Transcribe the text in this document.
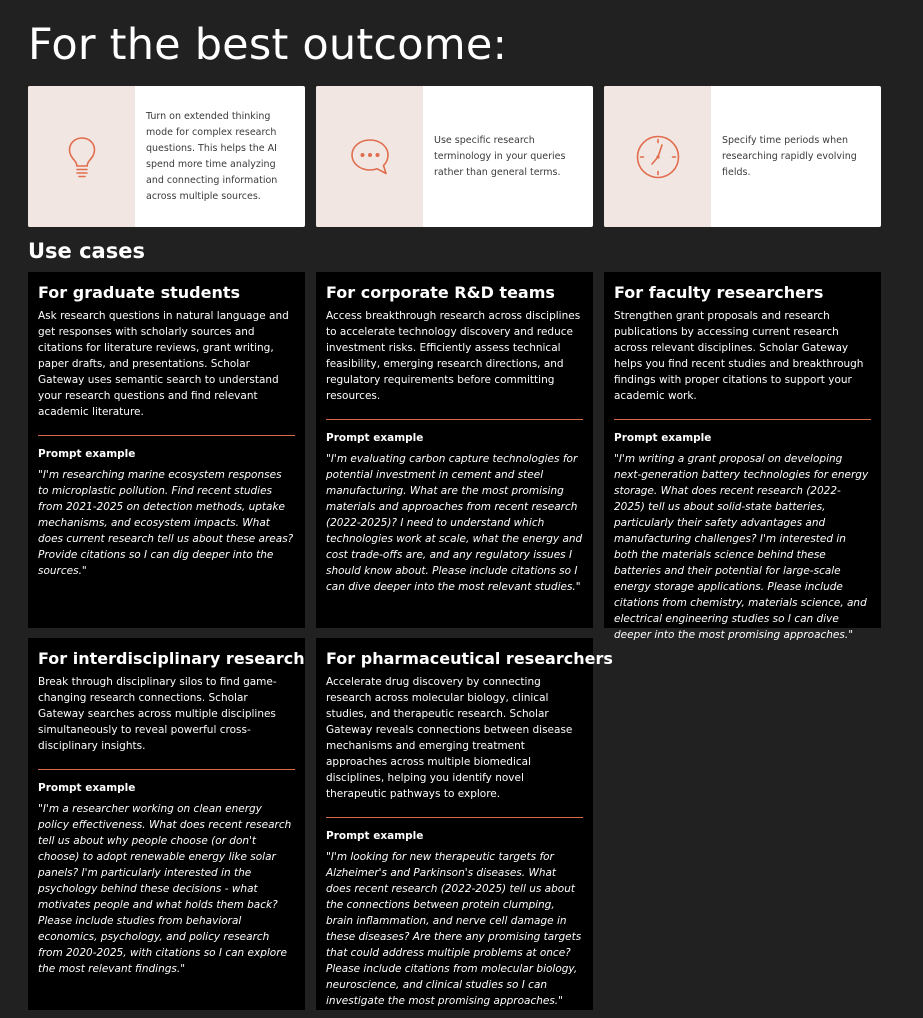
For the best outcome:
Turn on extended thinking mode for complex research questions. This helps the AI spend more time analyzing and connecting information across multiple sources.
Use specific research terminology in your queries rather than general terms.
Specify time periods when researching rapidly evolving fields.
Use cases
For graduate students
Ask research questions in natural language and get responses with scholarly sources and citations for literature reviews, grant writing, paper drafts, and presentations. Scholar Gateway uses semantic search to understand your research questions and find relevant academic literature.
Prompt example
"I'm researching marine ecosystem responses to microplastic pollution. Find recent studies from 2021-2025 on detection methods, uptake mechanisms, and ecosystem impacts. What does current research tell us about these areas? Provide citations so I can dig deeper into the sources."
For corporate R&D teams
Access breakthrough research across disciplines to accelerate technology discovery and reduce investment risks. Efficiently assess technical feasibility, emerging research directions, and regulatory requirements before committing resources.
Prompt example
"I'm evaluating carbon capture technologies for potential investment in cement and steel manufacturing. What are the most promising materials and approaches from recent research (2022-2025)? I need to understand which technologies work at scale, what the energy and cost trade-offs are, and any regulatory issues I should know about. Please include citations so I can dive deeper into the most relevant studies."
For faculty researchers
Strengthen grant proposals and research publications by accessing current research across relevant disciplines. Scholar Gateway helps you find recent studies and breakthrough findings with proper citations to support your academic work.
Prompt example
"I'm writing a grant proposal on developing next-generation battery technologies for energy storage. What does recent research (2022-2025) tell us about solid-state batteries, particularly their safety advantages and manufacturing challenges? I'm interested in both the materials science behind these batteries and their potential for large-scale energy storage applications. Please include citations from chemistry, materials science, and electrical engineering studies so I can dive deeper into the most promising approaches."
For interdisciplinary research
Break through disciplinary silos to find game-changing research connections. Scholar Gateway searches across multiple disciplines simultaneously to reveal powerful cross-disciplinary insights.
Prompt example
"I'm a researcher working on clean energy policy effectiveness. What does recent research tell us about why people choose (or don't choose) to adopt renewable energy like solar panels? I'm particularly interested in the psychology behind these decisions - what motivates people and what holds them back? Please include studies from behavioral economics, psychology, and policy research from 2020-2025, with citations so I can explore the most relevant findings."
For pharmaceutical researchers
Accelerate drug discovery by connecting research across molecular biology, clinical studies, and therapeutic research. Scholar Gateway reveals connections between disease mechanisms and emerging treatment approaches across multiple biomedical disciplines, helping you identify novel therapeutic pathways to explore.
Prompt example
"I'm looking for new therapeutic targets for Alzheimer's and Parkinson's diseases. What does recent research (2022-2025) tell us about the connections between protein clumping, brain inflammation, and nerve cell damage in these diseases? Are there any promising targets that could address multiple problems at once? Please include citations from molecular biology, neuroscience, and clinical studies so I can investigate the most promising approaches."
